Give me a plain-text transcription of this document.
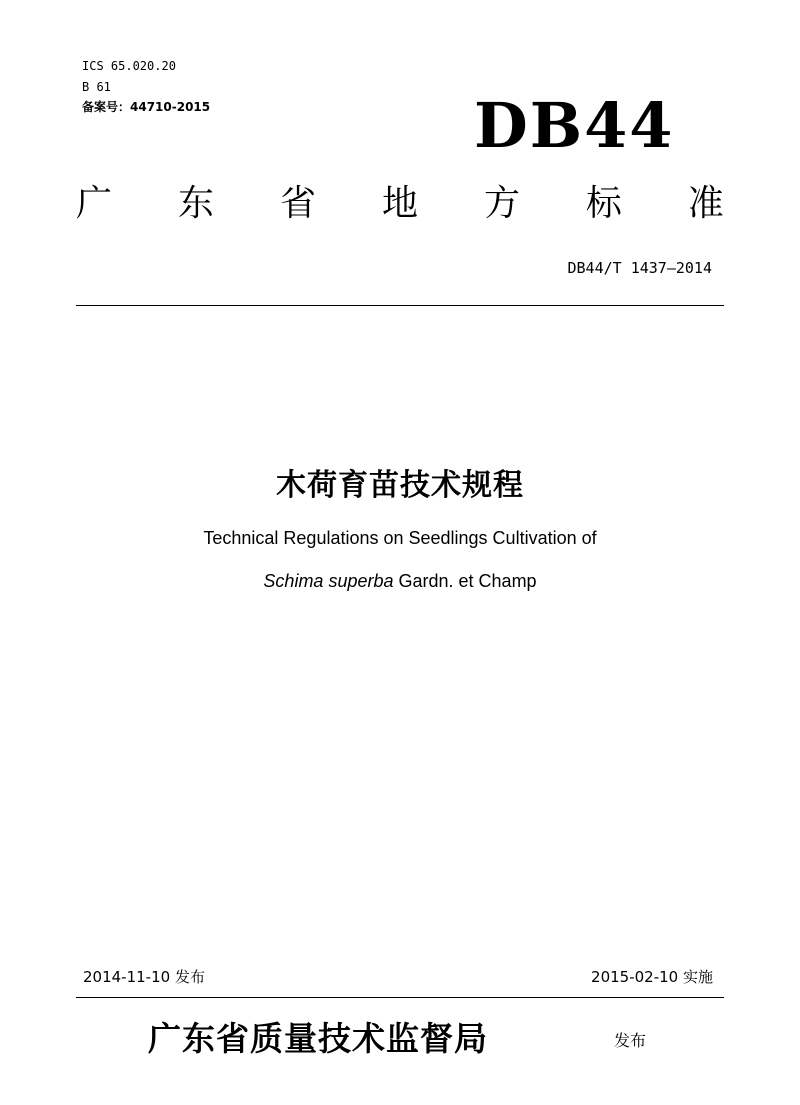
ICS 65.020.20
B 61
备案号：44710-2015	DB44
广 东 省 地 方 标 准
DB44/T 1437—2014
木荷育苗技术规程
Technical Regulations on Seedlings Cultivation of
Schima superba Gardn. et Champ
2014-11-10 发布	2015-02-10 实施
广东省质量技术监督局	发布
